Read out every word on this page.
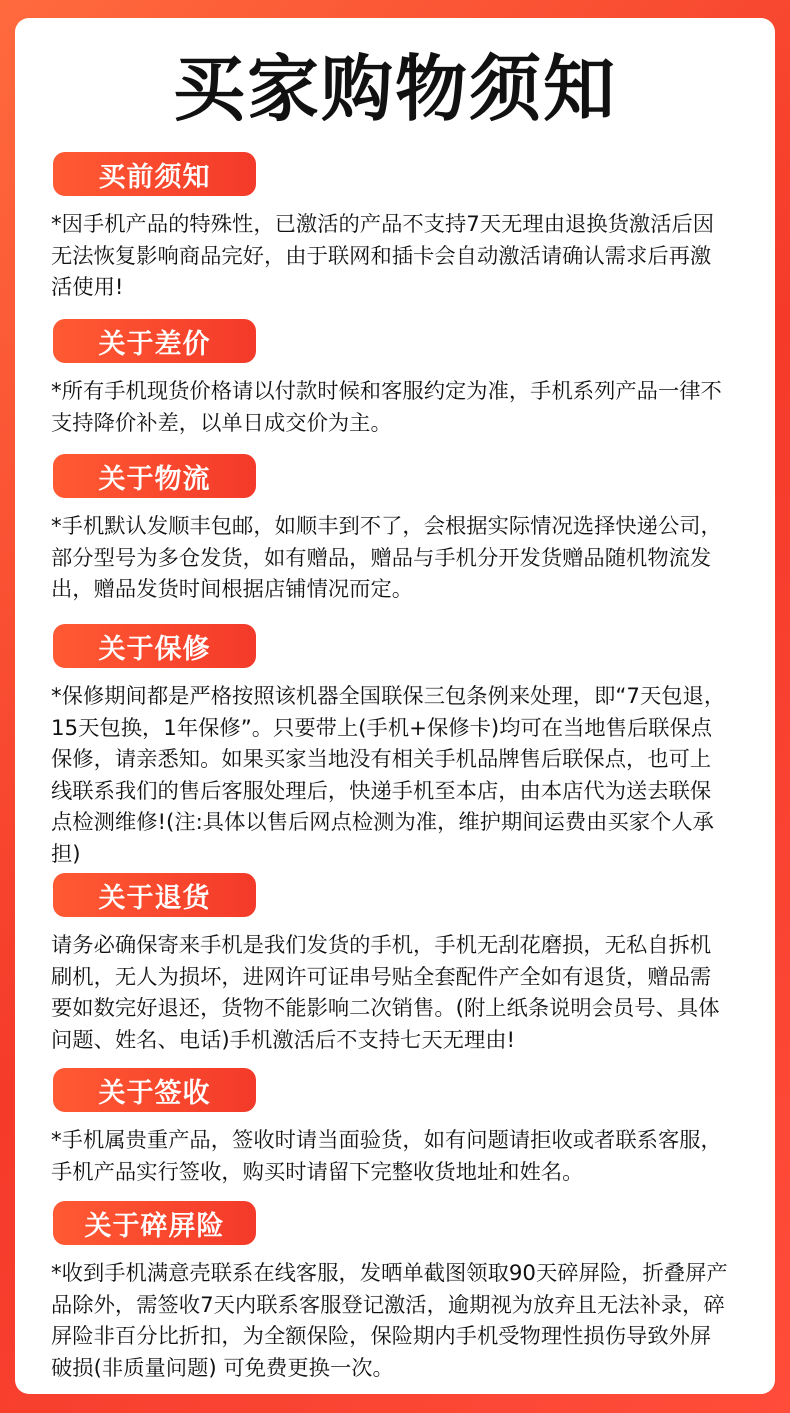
买家购物须知
买前须知
*因手机产品的特殊性，已激活的产品不支持7天无理由退换货激活后因无法恢复影响商品完好，由于联网和插卡会自动激活请确认需求后再激活使用!
关于差价
*所有手机现货价格请以付款时候和客服约定为准，手机系列产品一律不支持降价补差，以单日成交价为主。
关于物流
*手机默认发顺丰包邮，如顺丰到不了，会根据实际情况选择快递公司，部分型号为多仓发货，如有赠品，赠品与手机分开发货赠品随机物流发出，赠品发货时间根据店铺情况而定。
关于保修
*保修期间都是严格按照该机器全国联保三包条例来处理，即“7天包退，15天包换，1年保修”。只要带上(手机+保修卡)均可在当地售后联保点保修，请亲悉知。如果买家当地没有相关手机品牌售后联保点，也可上线联系我们的售后客服处理后，快递手机至本店，由本店代为送去联保点检测维修!(注:具体以售后网点检测为准，维护期间运费由买家个人承担)
关于退货
请务必确保寄来手机是我们发货的手机，手机无刮花磨损，无私自拆机刷机，无人为损坏，进网许可证串号贴全套配件产全如有退货，赠品需要如数完好退还，货物不能影响二次销售。(附上纸条说明会员号、具体问题、姓名、电话)手机激活后不支持七天无理由!
关于签收
*手机属贵重产品，签收时请当面验货，如有问题请拒收或者联系客服，手机产品实行签收，购买时请留下完整收货地址和姓名。
关于碎屏险
*收到手机满意壳联系在线客服，发晒单截图领取90天碎屏险，折叠屏产品除外，需签收7天内联系客服登记激活，逾期视为放弃且无法补录，碎屏险非百分比折扣，为全额保险，保险期内手机受物理性损伤导致外屏破损(非质量问题) 可免费更换一次。
